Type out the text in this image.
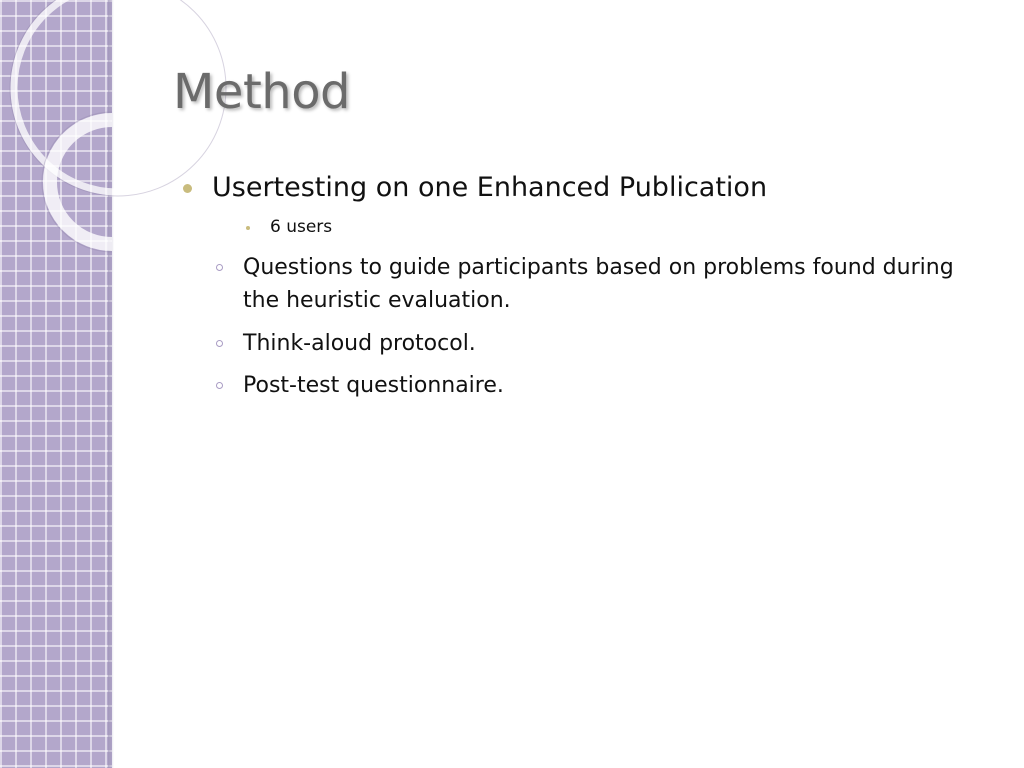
Method
Usertesting on one Enhanced Publication
6 users
Questions to guide participants based on problems found during
the heuristic evaluation.
Think-aloud protocol.
Post-test questionnaire.
